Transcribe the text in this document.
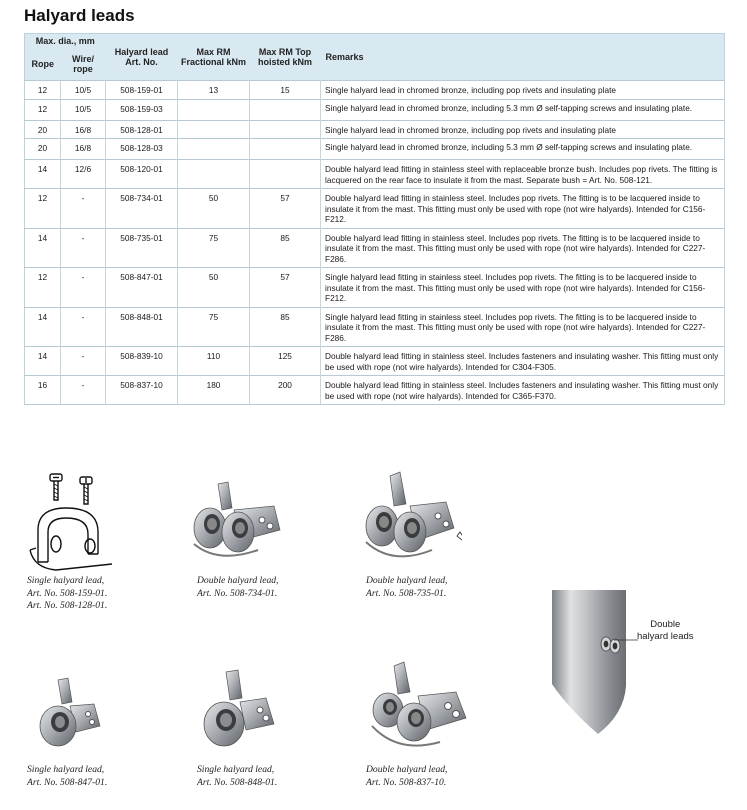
Halyard leads
Max. dia., mm		Halyard lead Art. No.	Max RM Fractional kNm	Max RM Top hoisted kNm	Remarks
Rope	Wire/ rope				
12	10/5	508-159-01	13	15	Single halyard lead in chromed bronze, including pop rivets and insulating plate
12	10/5	508-159-03			Single halyard lead in chromed bronze, including 5.3 mm Ø self-tapping screws and insulating plate.
20	16/8	508-128-01			Single halyard lead in chromed bronze, including pop rivets and insulating plate
20	16/8	508-128-03			Single halyard lead in chromed bronze, including 5.3 mm Ø self-tapping screws and insulating plate.
14	12/6	508-120-01			Double halyard lead fitting in stainless steel with replaceable bronze bush. Includes pop rivets. The fitting is lacquered on the rear face to insulate it from the mast. Separate bush = Art. No. 508-121.
12	-	508-734-01	50	57	Double halyard lead fitting in stainless steel. Includes pop rivets. The fitting is to be lacquered inside to insulate it from the mast. This fitting must only be used with rope (not wire halyards). Intended for C156-F212.
14	-	508-735-01	75	85	Double halyard lead fitting in stainless steel. Includes pop rivets. The fitting is to be lacquered inside to insulate it from the mast. This fitting must only be used with rope (not wire halyards). Intended for C227-F286.
12	-	508-847-01	50	57	Single halyard lead fitting in stainless steel. Includes pop rivets. The fitting is to be lacquered inside to insulate it from the mast. This fitting must only be used with rope (not wire halyards). Intended for C156-F212.
14	-	508-848-01	75	85	Single halyard lead fitting in stainless steel. Includes pop rivets. The fitting is to be lacquered inside to insulate it from the mast. This fitting must only be used with rope (not wire halyards). Intended for C227-F286.
14	-	508-839-10	110	125	Double halyard lead fitting in stainless steel. Includes fasteners and insulating washer. This fitting must only be used with rope (not wire halyards). Intended for C304-F305.
16	-	508-837-10	180	200	Double halyard lead fitting in stainless steel. Includes fasteners and insulating washer. This fitting must only be used with rope (not wire halyards). Intended for C365-F370.
Single halyard lead,
Art. No. 508-159-01.
Art. No. 508-128-01.
Double halyard lead,
Art. No. 508-734-01.
Double halyard lead,
Art. No. 508-735-01.
Single halyard lead,
Art. No. 508-847-01.
Single halyard lead,
Art. No. 508-848-01.
Double halyard lead,
Art. No. 508-837-10.
Double
halyard leads
